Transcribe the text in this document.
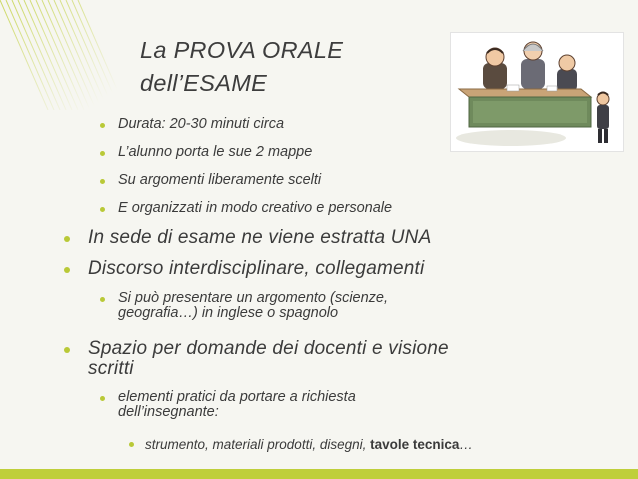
La PROVA ORALE
dell’ESAME
Durata: 20-30 minuti circa
L’alunno porta le sue 2 mappe
Su argomenti liberamente scelti
E organizzati in modo creativo e personale
In sede di esame ne viene estratta UNA
Discorso interdisciplinare, collegamenti
Si può presentare un argomento (scienze,
geografia…) in inglese o spagnolo
Spazio per domande dei docenti e visione
scritti
elementi pratici da portare a richiesta
dell’insegnante:
strumento, materiali prodotti, disegni, tavole tecnica…
